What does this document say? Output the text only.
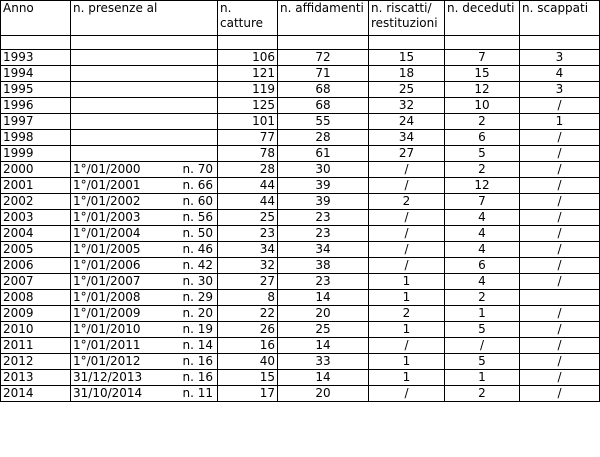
Anno	n. presenze al	n. catture	n. affidamenti	n. riscatti/ restituzioni	n. deceduti	n. scappati

1993		106	72	15	7	3
1994		121	71	18	15	4
1995		119	68	25	12	3
1996		125	68	32	10	/
1997		101	55	24	2	1
1998		77	28	34	6	/
1999		78	61	27	5	/
2000	1°/01/2000 n. 70	28	30	/	2	/
2001	1°/01/2001 n. 66	44	39	/	12	/
2002	1°/01/2002 n. 60	44	39	2	7	/
2003	1°/01/2003 n. 56	25	23	/	4	/
2004	1°/01/2004 n. 50	23	23	/	4	/
2005	1°/01/2005 n. 46	34	34	/	4	/
2006	1°/01/2006 n. 42	32	38	/	6	/
2007	1°/01/2007 n. 30	27	23	1	4	/
2008	1°/01/2008 n. 29	8	14	1	2	
2009	1°/01/2009 n. 20	22	20	2	1	/
2010	1°/01/2010 n. 19	26	25	1	5	/
2011	1°/01/2011 n. 14	16	14	/	/	/
2012	1°/01/2012 n. 16	40	33	1	5	/
2013	31/12/2013 n. 16	15	14	1	1	/
2014	31/10/2014 n. 11	17	20	/	2	/
